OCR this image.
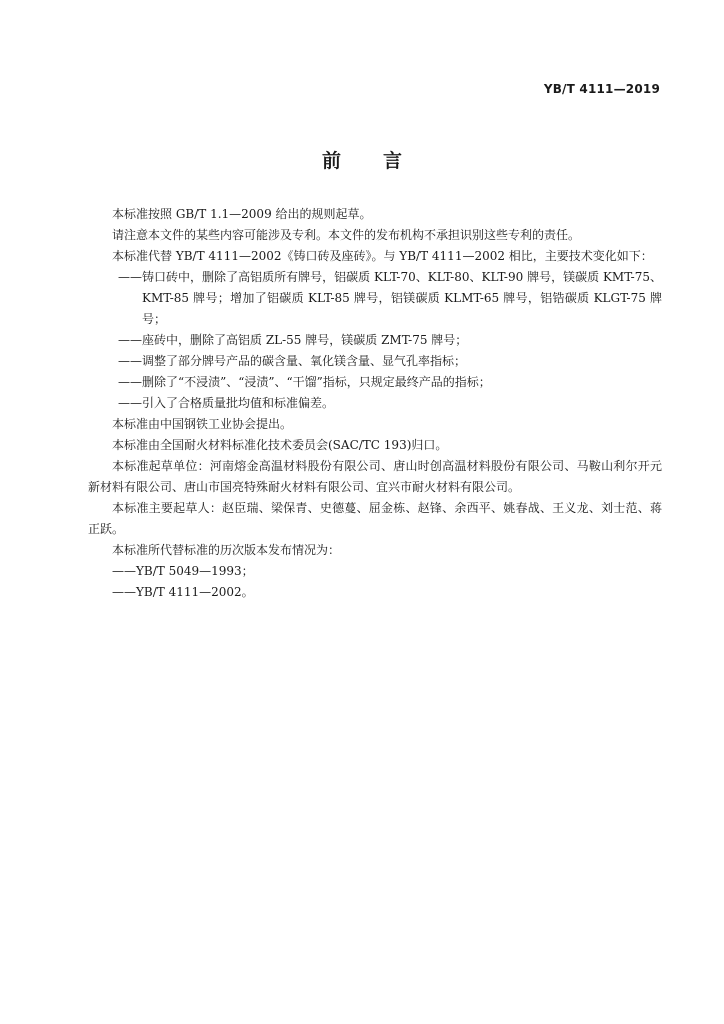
YB/T 4111—2019
前 言

本标准按照 GB/T 1.1—2009 给出的规则起草。

请注意本文件的某些内容可能涉及专利。本文件的发布机构不承担识别这些专利的责任。

本标准代替 YB/T 4111—2002《铸口砖及座砖》。与 YB/T 4111—2002 相比，主要技术变化如下：

——铸口砖中，删除了高铝质所有牌号，铝碳质 KLT-70、KLT-80、KLT-90 牌号，镁碳质 KMT-75、KMT-85 牌号；增加了铝碳质 KLT-85 牌号，铝镁碳质 KLMT-65 牌号，铝锆碳质 KLGT-75 牌号；

——座砖中，删除了高铝质 ZL-55 牌号，镁碳质 ZMT-75 牌号；

——调整了部分牌号产品的碳含量、氧化镁含量、显气孔率指标；

——删除了“不浸渍”、“浸渍”、“干馏”指标，只规定最终产品的指标；

——引入了合格质量批均值和标准偏差。

本标准由中国钢铁工业协会提出。

本标准由全国耐火材料标准化技术委员会(SAC/TC 193)归口。

本标准起草单位：河南熔金高温材料股份有限公司、唐山时创高温材料股份有限公司、马鞍山利尔开元新材料有限公司、唐山市国亮特殊耐火材料有限公司、宜兴市耐火材料有限公司。

本标准主要起草人：赵臣瑞、梁保青、史德蔓、屈金栋、赵锋、余西平、姚春战、王义龙、刘士范、蒋正跃。

本标准所代替标准的历次版本发布情况为：

——YB/T 5049—1993；

——YB/T 4111—2002。
